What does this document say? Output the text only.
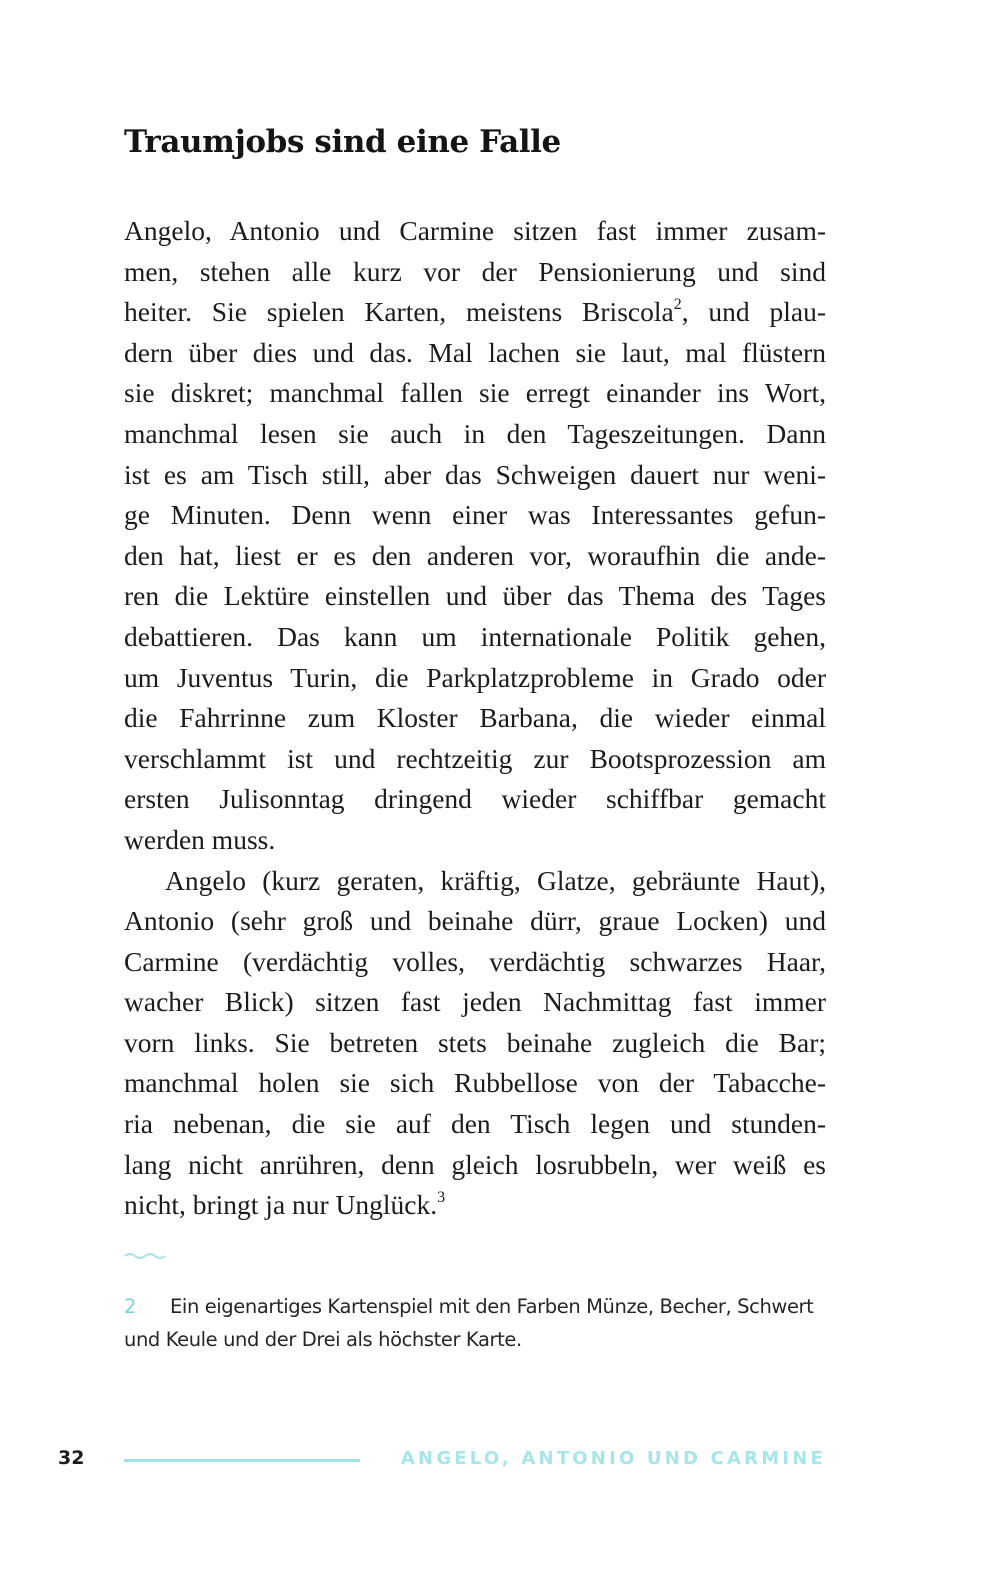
Traumjobs sind eine Falle
Angelo, Antonio und Carmine sitzen fast immer zusam-
men, stehen alle kurz vor der Pensionierung und sind
heiter. Sie spielen Karten, meistens Briscola$^2$, und plau-
dern über dies und das. Mal lachen sie laut, mal flüstern
sie diskret; manchmal fallen sie erregt einander ins Wort,
manchmal lesen sie auch in den Tageszeitungen. Dann
ist es am Tisch still, aber das Schweigen dauert nur weni-
ge Minuten. Denn wenn einer was Interessantes gefun-
den hat, liest er es den anderen vor, woraufhin die ande-
ren die Lektüre einstellen und über das Thema des Tages
debattieren. Das kann um internationale Politik gehen,
um Juventus Turin, die Parkplatzprobleme in Grado oder
die Fahrrinne zum Kloster Barbana, die wieder einmal
verschlammt ist und rechtzeitig zur Bootsprozession am
ersten Julisonntag dringend wieder schiffbar gemacht
werden muss.
Angelo (kurz geraten, kräftig, Glatze, gebräunte Haut),
Antonio (sehr groß und beinahe dürr, graue Locken) und
Carmine (verdächtig volles, verdächtig schwarzes Haar,
wacher Blick) sitzen fast jeden Nachmittag fast immer
vorn links. Sie betreten stets beinahe zugleich die Bar;
manchmal holen sie sich Rubbellose von der Tabacche-
ria nebenan, die sie auf den Tisch legen und stunden-
lang nicht anrühren, denn gleich losrubbeln, wer weiß es
nicht, bringt ja nur Unglück.$^3$
2 Ein eigenartiges Kartenspiel mit den Farben Münze, Becher, Schwert
und Keule und der Drei als höchster Karte.
32	ANGELO, ANTONIO UND CARMINE
